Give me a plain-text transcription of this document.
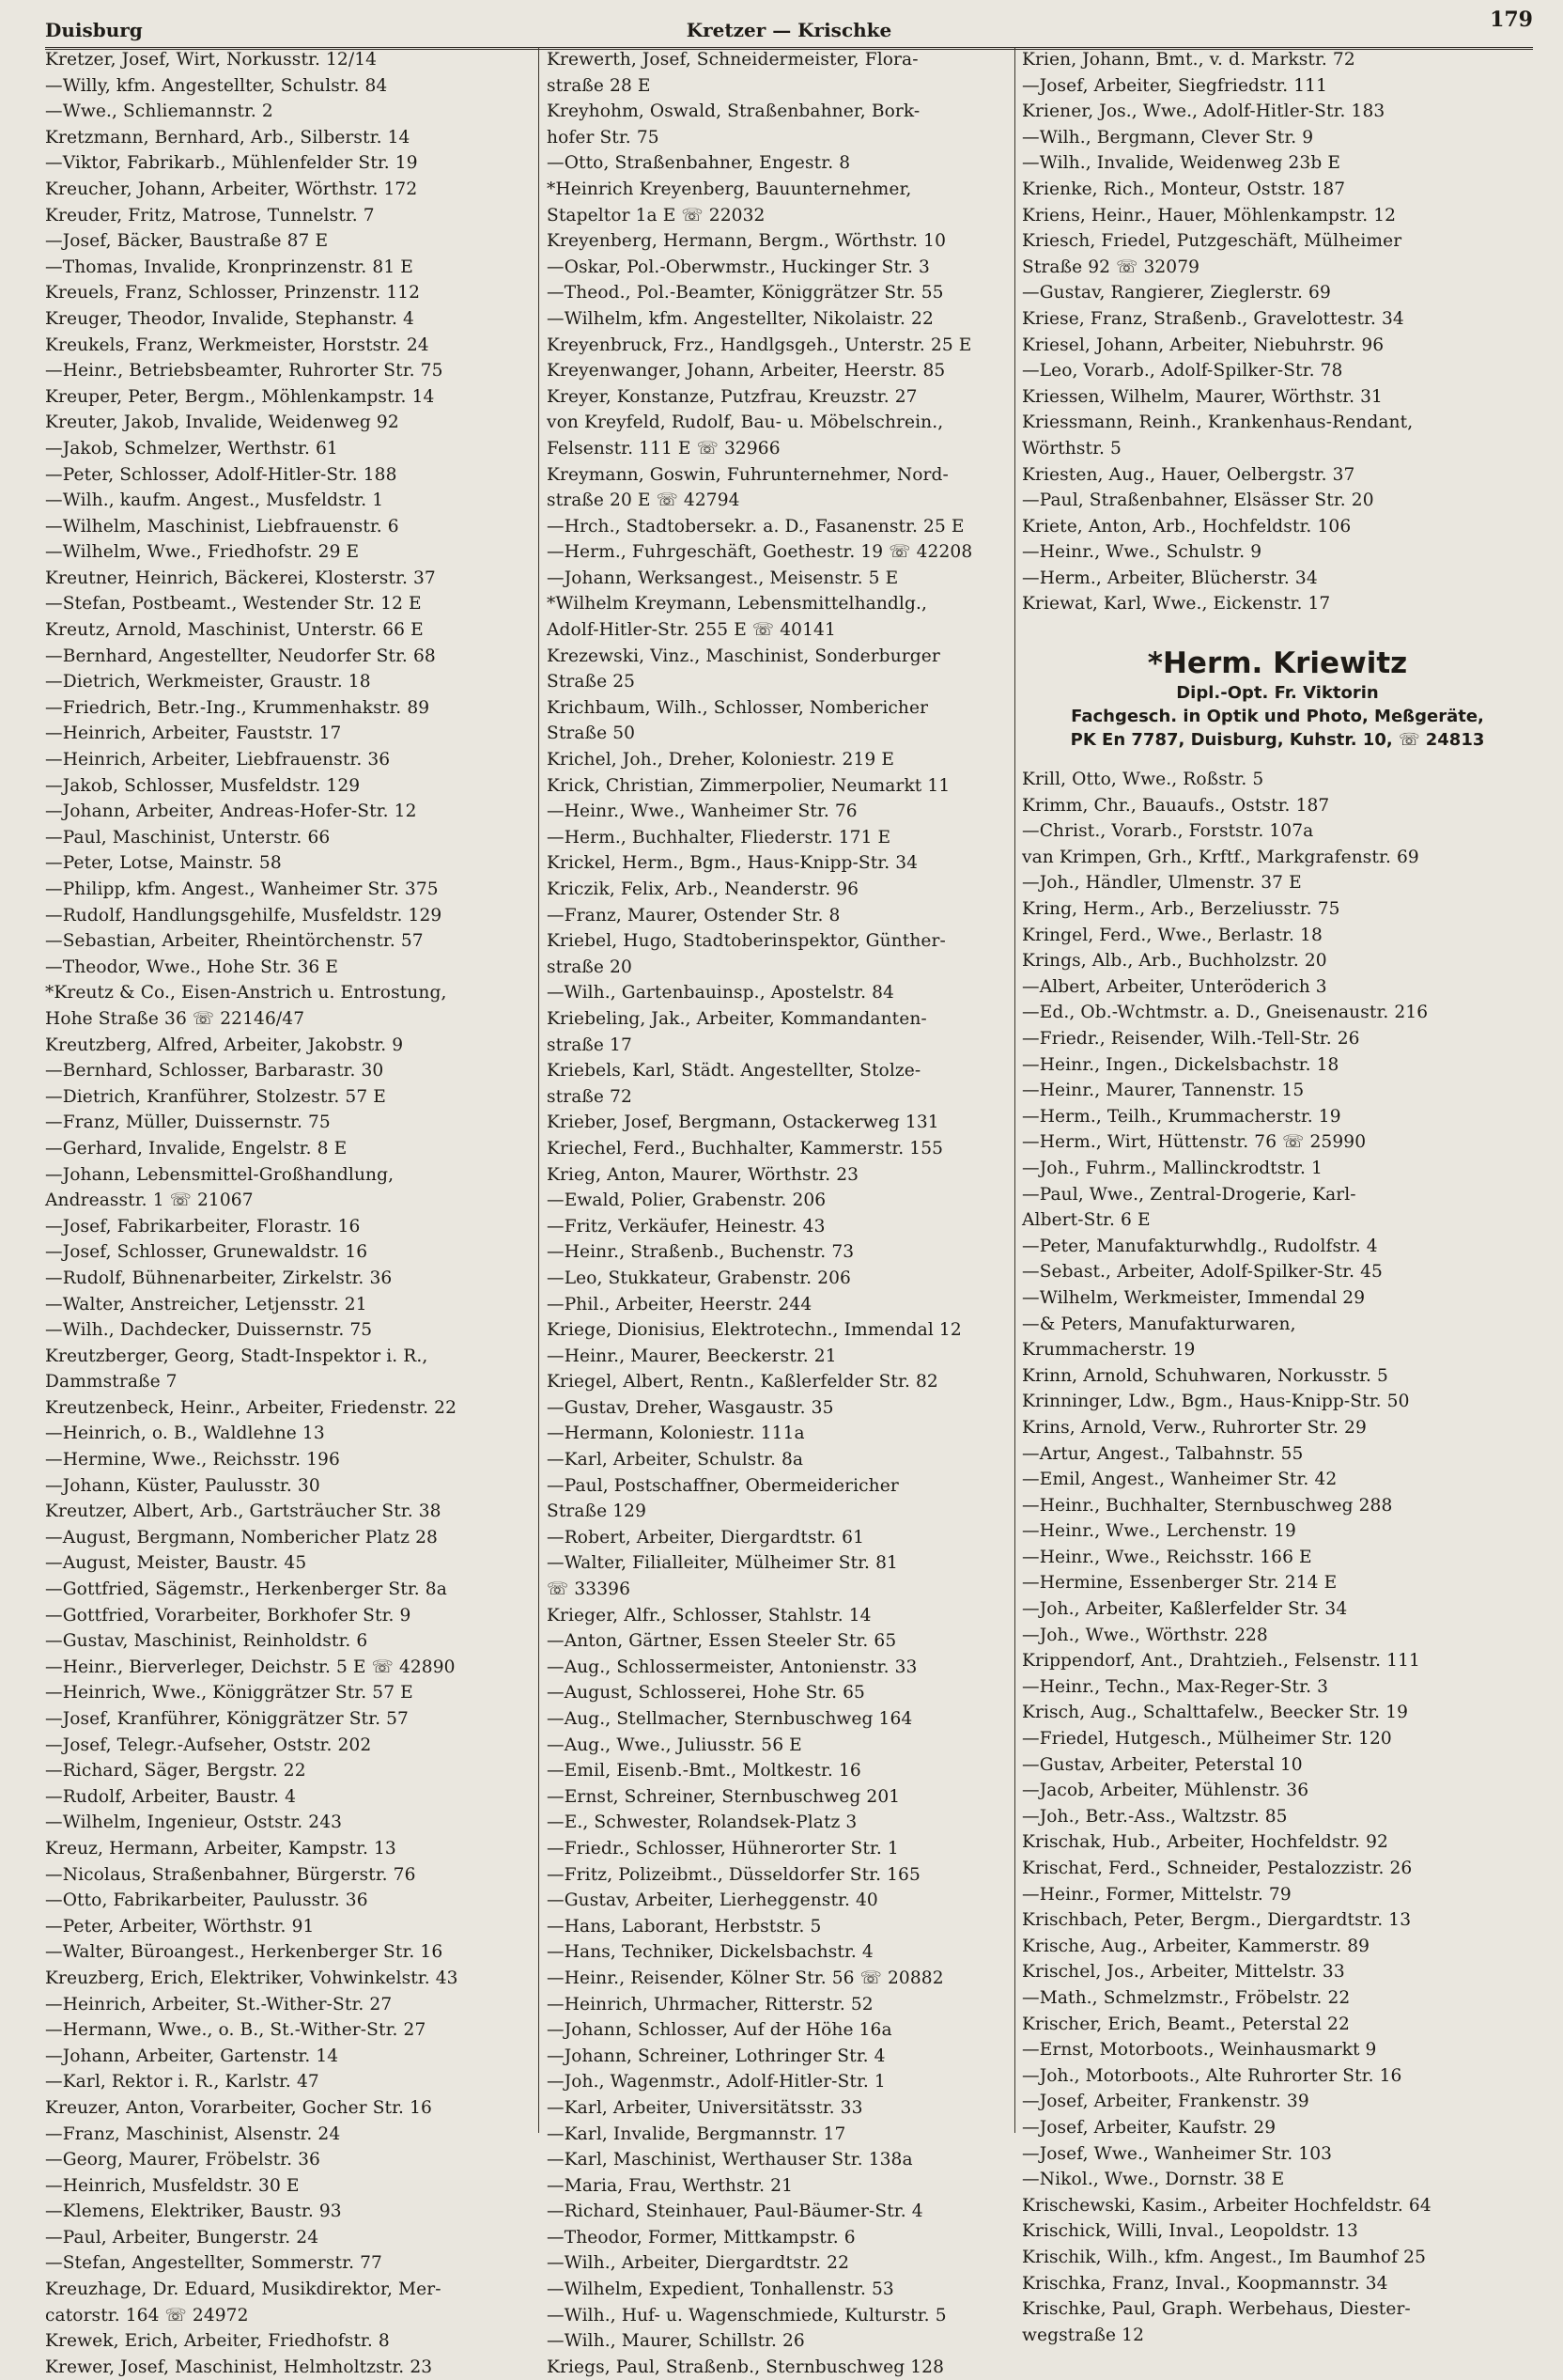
Duisburg	Kretzer — Krischke	179
Kretzer, Josef, Wirt, Norkusstr. 12/14
—Willy, kfm. Angestellter, Schulstr. 84
—Wwe., Schliemannstr. 2
Kretzmann, Bernhard, Arb., Silberstr. 14
—Viktor, Fabrikarb., Mühlenfelder Str. 19
Kreucher, Johann, Arbeiter, Wörthstr. 172
Kreuder, Fritz, Matrose, Tunnelstr. 7
—Josef, Bäcker, Baustraße 87 E
—Thomas, Invalide, Kronprinzenstr. 81 E
Kreuels, Franz, Schlosser, Prinzenstr. 112
Kreuger, Theodor, Invalide, Stephanstr. 4
Kreukels, Franz, Werkmeister, Horststr. 24
—Heinr., Betriebsbeamter, Ruhrorter Str. 75
Kreuper, Peter, Bergm., Möhlenkampstr. 14
Kreuter, Jakob, Invalide, Weidenweg 92
—Jakob, Schmelzer, Werthstr. 61
—Peter, Schlosser, Adolf-Hitler-Str. 188
—Wilh., kaufm. Angest., Musfeldstr. 1
—Wilhelm, Maschinist, Liebfrauenstr. 6
—Wilhelm, Wwe., Friedhofstr. 29 E
Kreutner, Heinrich, Bäckerei, Klosterstr. 37
—Stefan, Postbeamt., Westender Str. 12 E
Kreutz, Arnold, Maschinist, Unterstr. 66 E
—Bernhard, Angestellter, Neudorfer Str. 68
—Dietrich, Werkmeister, Graustr. 18
—Friedrich, Betr.-Ing., Krummenhakstr. 89
—Heinrich, Arbeiter, Fauststr. 17
—Heinrich, Arbeiter, Liebfrauenstr. 36
—Jakob, Schlosser, Musfeldstr. 129
—Johann, Arbeiter, Andreas-Hofer-Str. 12
—Paul, Maschinist, Unterstr. 66
—Peter, Lotse, Mainstr. 58
—Philipp, kfm. Angest., Wanheimer Str. 375
—Rudolf, Handlungsgehilfe, Musfeldstr. 129
—Sebastian, Arbeiter, Rheintörchenstr. 57
—Theodor, Wwe., Hohe Str. 36 E
*Kreutz & Co., Eisen-Anstrich u. Entrostung,
Hohe Straße 36 ☏ 22146/47
Kreutzberg, Alfred, Arbeiter, Jakobstr. 9
—Bernhard, Schlosser, Barbarastr. 30
—Dietrich, Kranführer, Stolzestr. 57 E
—Franz, Müller, Duissernstr. 75
—Gerhard, Invalide, Engelstr. 8 E
—Johann, Lebensmittel-Großhandlung,
Andreasstr. 1 ☏ 21067
—Josef, Fabrikarbeiter, Florastr. 16
—Josef, Schlosser, Grunewaldstr. 16
—Rudolf, Bühnenarbeiter, Zirkelstr. 36
—Walter, Anstreicher, Letjensstr. 21
—Wilh., Dachdecker, Duissernstr. 75
Kreutzberger, Georg, Stadt-Inspektor i. R.,
Dammstraße 7
Kreutzenbeck, Heinr., Arbeiter, Friedenstr. 22
—Heinrich, o. B., Waldlehne 13
—Hermine, Wwe., Reichsstr. 196
—Johann, Küster, Paulusstr. 30
Kreutzer, Albert, Arb., Gartsträucher Str. 38
—August, Bergmann, Nombericher Platz 28
—August, Meister, Baustr. 45
—Gottfried, Sägemstr., Herkenberger Str. 8a
—Gottfried, Vorarbeiter, Borkhofer Str. 9
—Gustav, Maschinist, Reinholdstr. 6
—Heinr., Bierverleger, Deichstr. 5 E ☏ 42890
—Heinrich, Wwe., Königgrätzer Str. 57 E
—Josef, Kranführer, Königgrätzer Str. 57
—Josef, Telegr.-Aufseher, Oststr. 202
—Richard, Säger, Bergstr. 22
—Rudolf, Arbeiter, Baustr. 4
—Wilhelm, Ingenieur, Oststr. 243
Kreuz, Hermann, Arbeiter, Kampstr. 13
—Nicolaus, Straßenbahner, Bürgerstr. 76
—Otto, Fabrikarbeiter, Paulusstr. 36
—Peter, Arbeiter, Wörthstr. 91
—Walter, Büroangest., Herkenberger Str. 16
Kreuzberg, Erich, Elektriker, Vohwinkelstr. 43
—Heinrich, Arbeiter, St.-Wither-Str. 27
—Hermann, Wwe., o. B., St.-Wither-Str. 27
—Johann, Arbeiter, Gartenstr. 14
—Karl, Rektor i. R., Karlstr. 47
Kreuzer, Anton, Vorarbeiter, Gocher Str. 16
—Franz, Maschinist, Alsenstr. 24
—Georg, Maurer, Fröbelstr. 36
—Heinrich, Musfeldstr. 30 E
—Klemens, Elektriker, Baustr. 93
—Paul, Arbeiter, Bungerstr. 24
—Stefan, Angestellter, Sommerstr. 77
Kreuzhage, Dr. Eduard, Musikdirektor, Mer-
catorstr. 164 ☏ 24972
Krewek, Erich, Arbeiter, Friedhofstr. 8
Krewer, Josef, Maschinist, Helmholtzstr. 23
Krewerth, Josef, Schneidermeister, Flora-
straße 28 E
Kreyhohm, Oswald, Straßenbahner, Bork-
hofer Str. 75
—Otto, Straßenbahner, Engestr. 8
*Heinrich Kreyenberg, Bauunternehmer,
Stapeltor 1a E ☏ 22032
Kreyenberg, Hermann, Bergm., Wörthstr. 10
—Oskar, Pol.-Oberwmstr., Huckinger Str. 3
—Theod., Pol.-Beamter, Königgrätzer Str. 55
—Wilhelm, kfm. Angestellter, Nikolaistr. 22
Kreyenbruck, Frz., Handlgsgeh., Unterstr. 25 E
Kreyenwanger, Johann, Arbeiter, Heerstr. 85
Kreyer, Konstanze, Putzfrau, Kreuzstr. 27
von Kreyfeld, Rudolf, Bau- u. Möbelschrein.,
Felsenstr. 111 E ☏ 32966
Kreymann, Goswin, Fuhrunternehmer, Nord-
straße 20 E ☏ 42794
—Hrch., Stadtobersekr. a. D., Fasanenstr. 25 E
—Herm., Fuhrgeschäft, Goethestr. 19 ☏ 42208
—Johann, Werksangest., Meisenstr. 5 E
*Wilhelm Kreymann, Lebensmittelhandlg.,
Adolf-Hitler-Str. 255 E ☏ 40141
Krezewski, Vinz., Maschinist, Sonderburger
Straße 25
Krichbaum, Wilh., Schlosser, Nombericher
Straße 50
Krichel, Joh., Dreher, Koloniestr. 219 E
Krick, Christian, Zimmerpolier, Neumarkt 11
—Heinr., Wwe., Wanheimer Str. 76
—Herm., Buchhalter, Fliederstr. 171 E
Krickel, Herm., Bgm., Haus-Knipp-Str. 34
Kriczik, Felix, Arb., Neanderstr. 96
—Franz, Maurer, Ostender Str. 8
Kriebel, Hugo, Stadtoberinspektor, Günther-
straße 20
—Wilh., Gartenbauinsp., Apostelstr. 84
Kriebeling, Jak., Arbeiter, Kommandanten-
straße 17
Kriebels, Karl, Städt. Angestellter, Stolze-
straße 72
Krieber, Josef, Bergmann, Ostackerweg 131
Kriechel, Ferd., Buchhalter, Kammerstr. 155
Krieg, Anton, Maurer, Wörthstr. 23
—Ewald, Polier, Grabenstr. 206
—Fritz, Verkäufer, Heinestr. 43
—Heinr., Straßenb., Buchenstr. 73
—Leo, Stukkateur, Grabenstr. 206
—Phil., Arbeiter, Heerstr. 244
Kriege, Dionisius, Elektrotechn., Immendal 12
—Heinr., Maurer, Beeckerstr. 21
Kriegel, Albert, Rentn., Kaßlerfelder Str. 82
—Gustav, Dreher, Wasgaustr. 35
—Hermann, Koloniestr. 111a
—Karl, Arbeiter, Schulstr. 8a
—Paul, Postschaffner, Obermeidericher
Straße 129
—Robert, Arbeiter, Diergardtstr. 61
—Walter, Filialleiter, Mülheimer Str. 81
☏ 33396
Krieger, Alfr., Schlosser, Stahlstr. 14
—Anton, Gärtner, Essen Steeler Str. 65
—Aug., Schlossermeister, Antonienstr. 33
—August, Schlosserei, Hohe Str. 65
—Aug., Stellmacher, Sternbuschweg 164
—Aug., Wwe., Juliusstr. 56 E
—Emil, Eisenb.-Bmt., Moltkestr. 16
—Ernst, Schreiner, Sternbuschweg 201
—E., Schwester, Rolandsek-Platz 3
—Friedr., Schlosser, Hühnerorter Str. 1
—Fritz, Polizeibmt., Düsseldorfer Str. 165
—Gustav, Arbeiter, Lierheggenstr. 40
—Hans, Laborant, Herbststr. 5
—Hans, Techniker, Dickelsbachstr. 4
—Heinr., Reisender, Kölner Str. 56 ☏ 20882
—Heinrich, Uhrmacher, Ritterstr. 52
—Johann, Schlosser, Auf der Höhe 16a
—Johann, Schreiner, Lothringer Str. 4
—Joh., Wagenmstr., Adolf-Hitler-Str. 1
—Karl, Arbeiter, Universitätsstr. 33
—Karl, Invalide, Bergmannstr. 17
—Karl, Maschinist, Werthauser Str. 138a
—Maria, Frau, Werthstr. 21
—Richard, Steinhauer, Paul-Bäumer-Str. 4
—Theodor, Former, Mittkampstr. 6
—Wilh., Arbeiter, Diergardtstr. 22
—Wilhelm, Expedient, Tonhallenstr. 53
—Wilh., Huf- u. Wagenschmiede, Kulturstr. 5
—Wilh., Maurer, Schillstr. 26
Kriegs, Paul, Straßenb., Sternbuschweg 128
Krien, Johann, Bmt., v. d. Markstr. 72
—Josef, Arbeiter, Siegfriedstr. 111
Kriener, Jos., Wwe., Adolf-Hitler-Str. 183
—Wilh., Bergmann, Clever Str. 9
—Wilh., Invalide, Weidenweg 23b E
Krienke, Rich., Monteur, Oststr. 187
Kriens, Heinr., Hauer, Möhlenkampstr. 12
Kriesch, Friedel, Putzgeschäft, Mülheimer
Straße 92 ☏ 32079
—Gustav, Rangierer, Zieglerstr. 69
Kriese, Franz, Straßenb., Gravelottestr. 34
Kriesel, Johann, Arbeiter, Niebuhrstr. 96
—Leo, Vorarb., Adolf-Spilker-Str. 78
Kriessen, Wilhelm, Maurer, Wörthstr. 31
Kriessmann, Reinh., Krankenhaus-Rendant,
Wörthstr. 5
Kriesten, Aug., Hauer, Oelbergstr. 37
—Paul, Straßenbahner, Elsässer Str. 20
Kriete, Anton, Arb., Hochfeldstr. 106
—Heinr., Wwe., Schulstr. 9
—Herm., Arbeiter, Blücherstr. 34
Kriewat, Karl, Wwe., Eickenstr. 17
*Herm. Kriewitz
Dipl.-Opt. Fr. Viktorin
Fachgesch. in Optik und Photo, Meßgeräte,
PK En 7787, Duisburg, Kuhstr. 10, ☏ 24813
Krill, Otto, Wwe., Roßstr. 5
Krimm, Chr., Bauaufs., Oststr. 187
—Christ., Vorarb., Forststr. 107a
van Krimpen, Grh., Krftf., Markgrafenstr. 69
—Joh., Händler, Ulmenstr. 37 E
Kring, Herm., Arb., Berzeliusstr. 75
Kringel, Ferd., Wwe., Berlastr. 18
Krings, Alb., Arb., Buchholzstr. 20
—Albert, Arbeiter, Unteröderich 3
—Ed., Ob.-Wchtmstr. a. D., Gneisenaustr. 216
—Friedr., Reisender, Wilh.-Tell-Str. 26
—Heinr., Ingen., Dickelsbachstr. 18
—Heinr., Maurer, Tannenstr. 15
—Herm., Teilh., Krummacherstr. 19
—Herm., Wirt, Hüttenstr. 76 ☏ 25990
—Joh., Fuhrm., Mallinckrodtstr. 1
—Paul, Wwe., Zentral-Drogerie, Karl-
Albert-Str. 6 E
—Peter, Manufakturwhdlg., Rudolfstr. 4
—Sebast., Arbeiter, Adolf-Spilker-Str. 45
—Wilhelm, Werkmeister, Immendal 29
—& Peters, Manufakturwaren,
Krummacherstr. 19
Krinn, Arnold, Schuhwaren, Norkusstr. 5
Krinninger, Ldw., Bgm., Haus-Knipp-Str. 50
Krins, Arnold, Verw., Ruhrorter Str. 29
—Artur, Angest., Talbahnstr. 55
—Emil, Angest., Wanheimer Str. 42
—Heinr., Buchhalter, Sternbuschweg 288
—Heinr., Wwe., Lerchenstr. 19
—Heinr., Wwe., Reichsstr. 166 E
—Hermine, Essenberger Str. 214 E
—Joh., Arbeiter, Kaßlerfelder Str. 34
—Joh., Wwe., Wörthstr. 228
Krippendorf, Ant., Drahtzieh., Felsenstr. 111
—Heinr., Techn., Max-Reger-Str. 3
Krisch, Aug., Schalttafelw., Beecker Str. 19
—Friedel, Hutgesch., Mülheimer Str. 120
—Gustav, Arbeiter, Peterstal 10
—Jacob, Arbeiter, Mühlenstr. 36
—Joh., Betr.-Ass., Waltzstr. 85
Krischak, Hub., Arbeiter, Hochfeldstr. 92
Krischat, Ferd., Schneider, Pestalozzistr. 26
—Heinr., Former, Mittelstr. 79
Krischbach, Peter, Bergm., Diergardtstr. 13
Krische, Aug., Arbeiter, Kammerstr. 89
Krischel, Jos., Arbeiter, Mittelstr. 33
—Math., Schmelzmstr., Fröbelstr. 22
Krischer, Erich, Beamt., Peterstal 22
—Ernst, Motorboots., Weinhausmarkt 9
—Joh., Motorboots., Alte Ruhrorter Str. 16
—Josef, Arbeiter, Frankenstr. 39
—Josef, Arbeiter, Kaufstr. 29
—Josef, Wwe., Wanheimer Str. 103
—Nikol., Wwe., Dornstr. 38 E
Krischewski, Kasim., Arbeiter Hochfeldstr. 64
Krischick, Willi, Inval., Leopoldstr. 13
Krischik, Wilh., kfm. Angest., Im Baumhof 25
Krischka, Franz, Inval., Koopmannstr. 34
Krischke, Paul, Graph. Werbehaus, Diester-
wegstraße 12
